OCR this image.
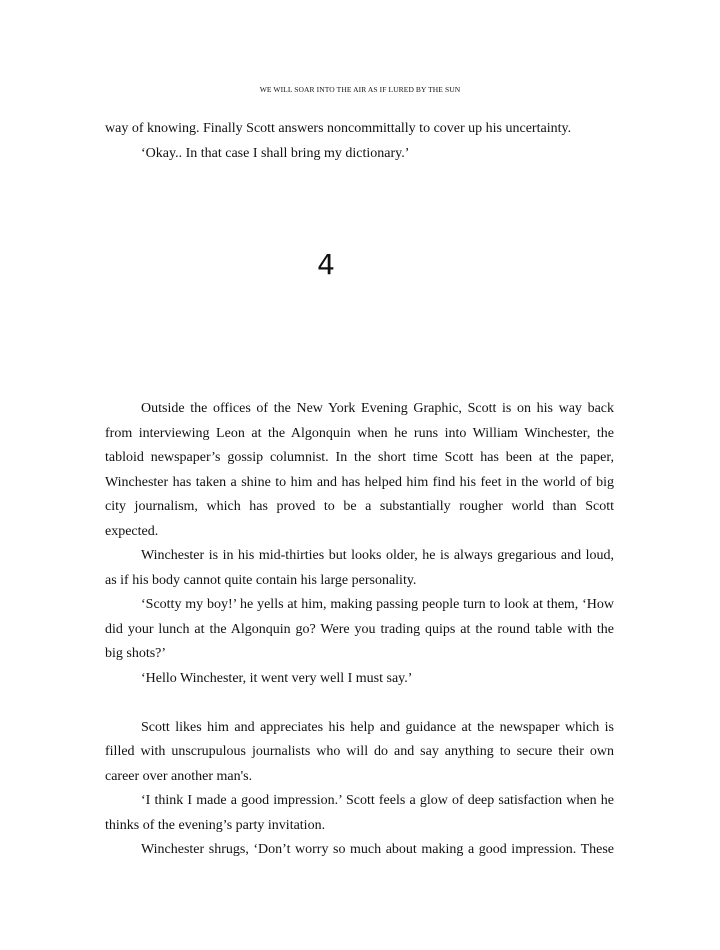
WE WILL SOAR INTO THE AIR AS IF LURED BY THE SUN
way of knowing. Finally Scott answers noncommittally to cover up his uncertainty.
‘Okay.. In that case I shall bring my dictionary.’
4
Outside the offices of the New York Evening Graphic, Scott is on his way back
from interviewing Leon at the Algonquin when he runs into William Winchester, the
tabloid newspaper’s gossip columnist. In the short time Scott has been at the paper,
Winchester has taken a shine to him and has helped him find his feet in the world of big
city journalism, which has proved to be a substantially rougher world than Scott
expected.
Winchester is in his mid-thirties but looks older, he is always gregarious and loud,
as if his body cannot quite contain his large personality.
‘Scotty my boy!’ he yells at him, making passing people turn to look at them, ‘How
did your lunch at the Algonquin go? Were you trading quips at the round table with the
big shots?’
‘Hello Winchester, it went very well I must say.’
Scott likes him and appreciates his help and guidance at the newspaper which is
filled with unscrupulous journalists who will do and say anything to secure their own
career over another man's.
‘I think I made a good impression.’ Scott feels a glow of deep satisfaction when he
thinks of the evening’s party invitation.
Winchester shrugs, ‘Don’t worry so much about making a good impression. These
